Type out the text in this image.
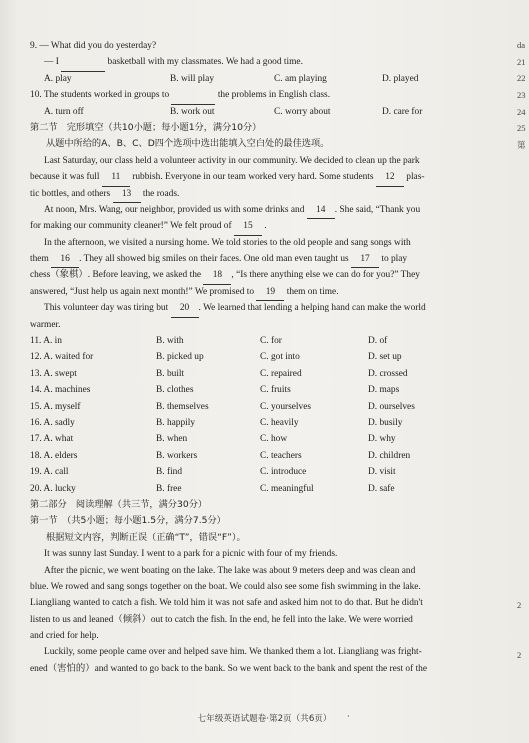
9. — What did you do yesterday?
— I	basketball with my classmates. We had a good time.
A. play	B. will play	C. am playing	D. played
10. The students worked in groups to	the problems in English class.
A. turn off	B. work out	C. worry about	D. care for
第二节　完形填空（共10小题；每小题1分，满分10分）
从题中所给的A、B、C、D四个选项中选出能填入空白处的最佳选项。
Last Saturday, our class held a volunteer activity in our community. We decided to clean up the park
because it was full 11 rubbish. Everyone in our team worked very hard. Some students 12 plas-
tic bottles, and others 13 the roads.
At noon, Mrs. Wang, our neighbor, provided us with some drinks and 14 . She said, “Thank you
for making our community cleaner!” We felt proud of 15 .
In the afternoon, we visited a nursing home. We told stories to the old people and sang songs with
them 16 . They all showed big smiles on their faces. One old man even taught us 17 to play
chess（象棋）. Before leaving, we asked the 18 , “Is there anything else we can do for you?” They
answered, “Just help us again next month!” We promised to 19 them on time.
This volunteer day was tiring but 20 . We learned that lending a helping hand can make the world
warmer.
11. A. in	B. with	C. for	D. of
12. A. waited for	B. picked up	C. got into	D. set up
13. A. swept	B. built	C. repaired	D. crossed
14. A. machines	B. clothes	C. fruits	D. maps
15. A. myself	B. themselves	C. yourselves	D. ourselves
16. A. sadly	B. happily	C. heavily	D. busily
17. A. what	B. when	C. how	D. why
18. A. elders	B. workers	C. teachers	D. children
19. A. call	B. find	C. introduce	D. visit
20. A. lucky	B. free	C. meaningful	D. safe
第二部分　阅读理解（共三节，满分30分）
第一节　（共5小题；每小题1.5分，满分7.5分）
根据短文内容，判断正误（正确“T”，错误“F”）。
It was sunny last Sunday. I went to a park for a picnic with four of my friends.
After the picnic, we went boating on the lake. The lake was about 9 meters deep and was clean and
blue. We rowed and sang songs together on the boat. We could also see some fish swimming in the lake.
Liangliang wanted to catch a fish. We told him it was not safe and asked him not to do that. But he didn't
listen to us and leaned（倾斜）out to catch the fish. In the end, he fell into the lake. We were worried
and cried for help.
Luckily, some people came over and helped save him. We thanked them a lot. Liangliang was fright-
ened（害怕的）and wanted to go back to the bank. So we went back to the bank and spent the rest of the
da
21
22
23
24
25
第
2
2
七年级英语试题卷·第2页（共6页） ·
